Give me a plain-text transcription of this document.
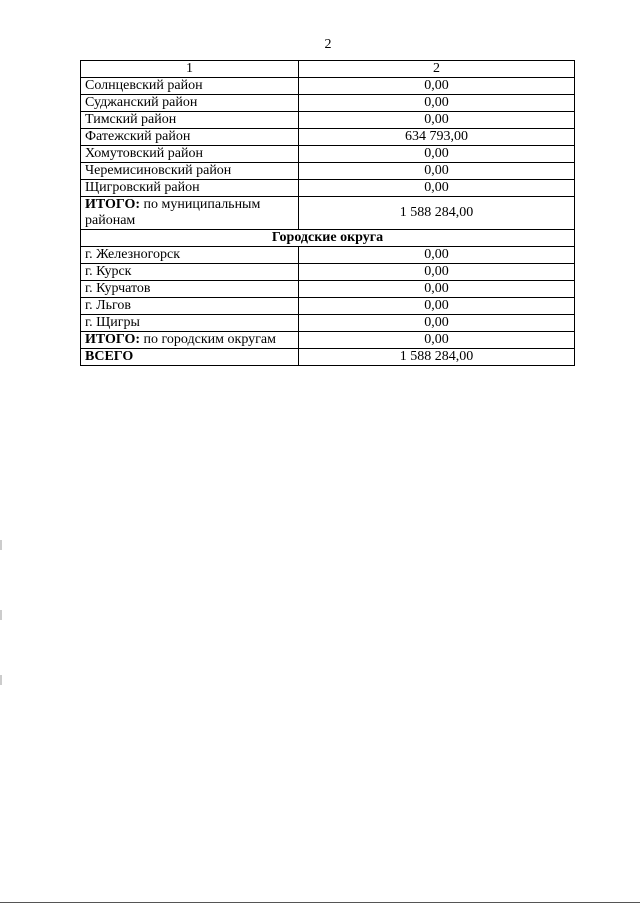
2
1	2
Солнцевский район	0,00
Суджанский район	0,00
Тимский район	0,00
Фатежский район	634 793,00
Хомутовский район	0,00
Черемисиновский район	0,00
Щигровский район	0,00
ИТОГО: по муниципальным районам	1 588 284,00
Городские округа	
г. Железногорск	0,00
г. Курск	0,00
г. Курчатов	0,00
г. Льгов	0,00
г. Щигры	0,00
ИТОГО: по городским округам	0,00
ВСЕГО	1 588 284,00
